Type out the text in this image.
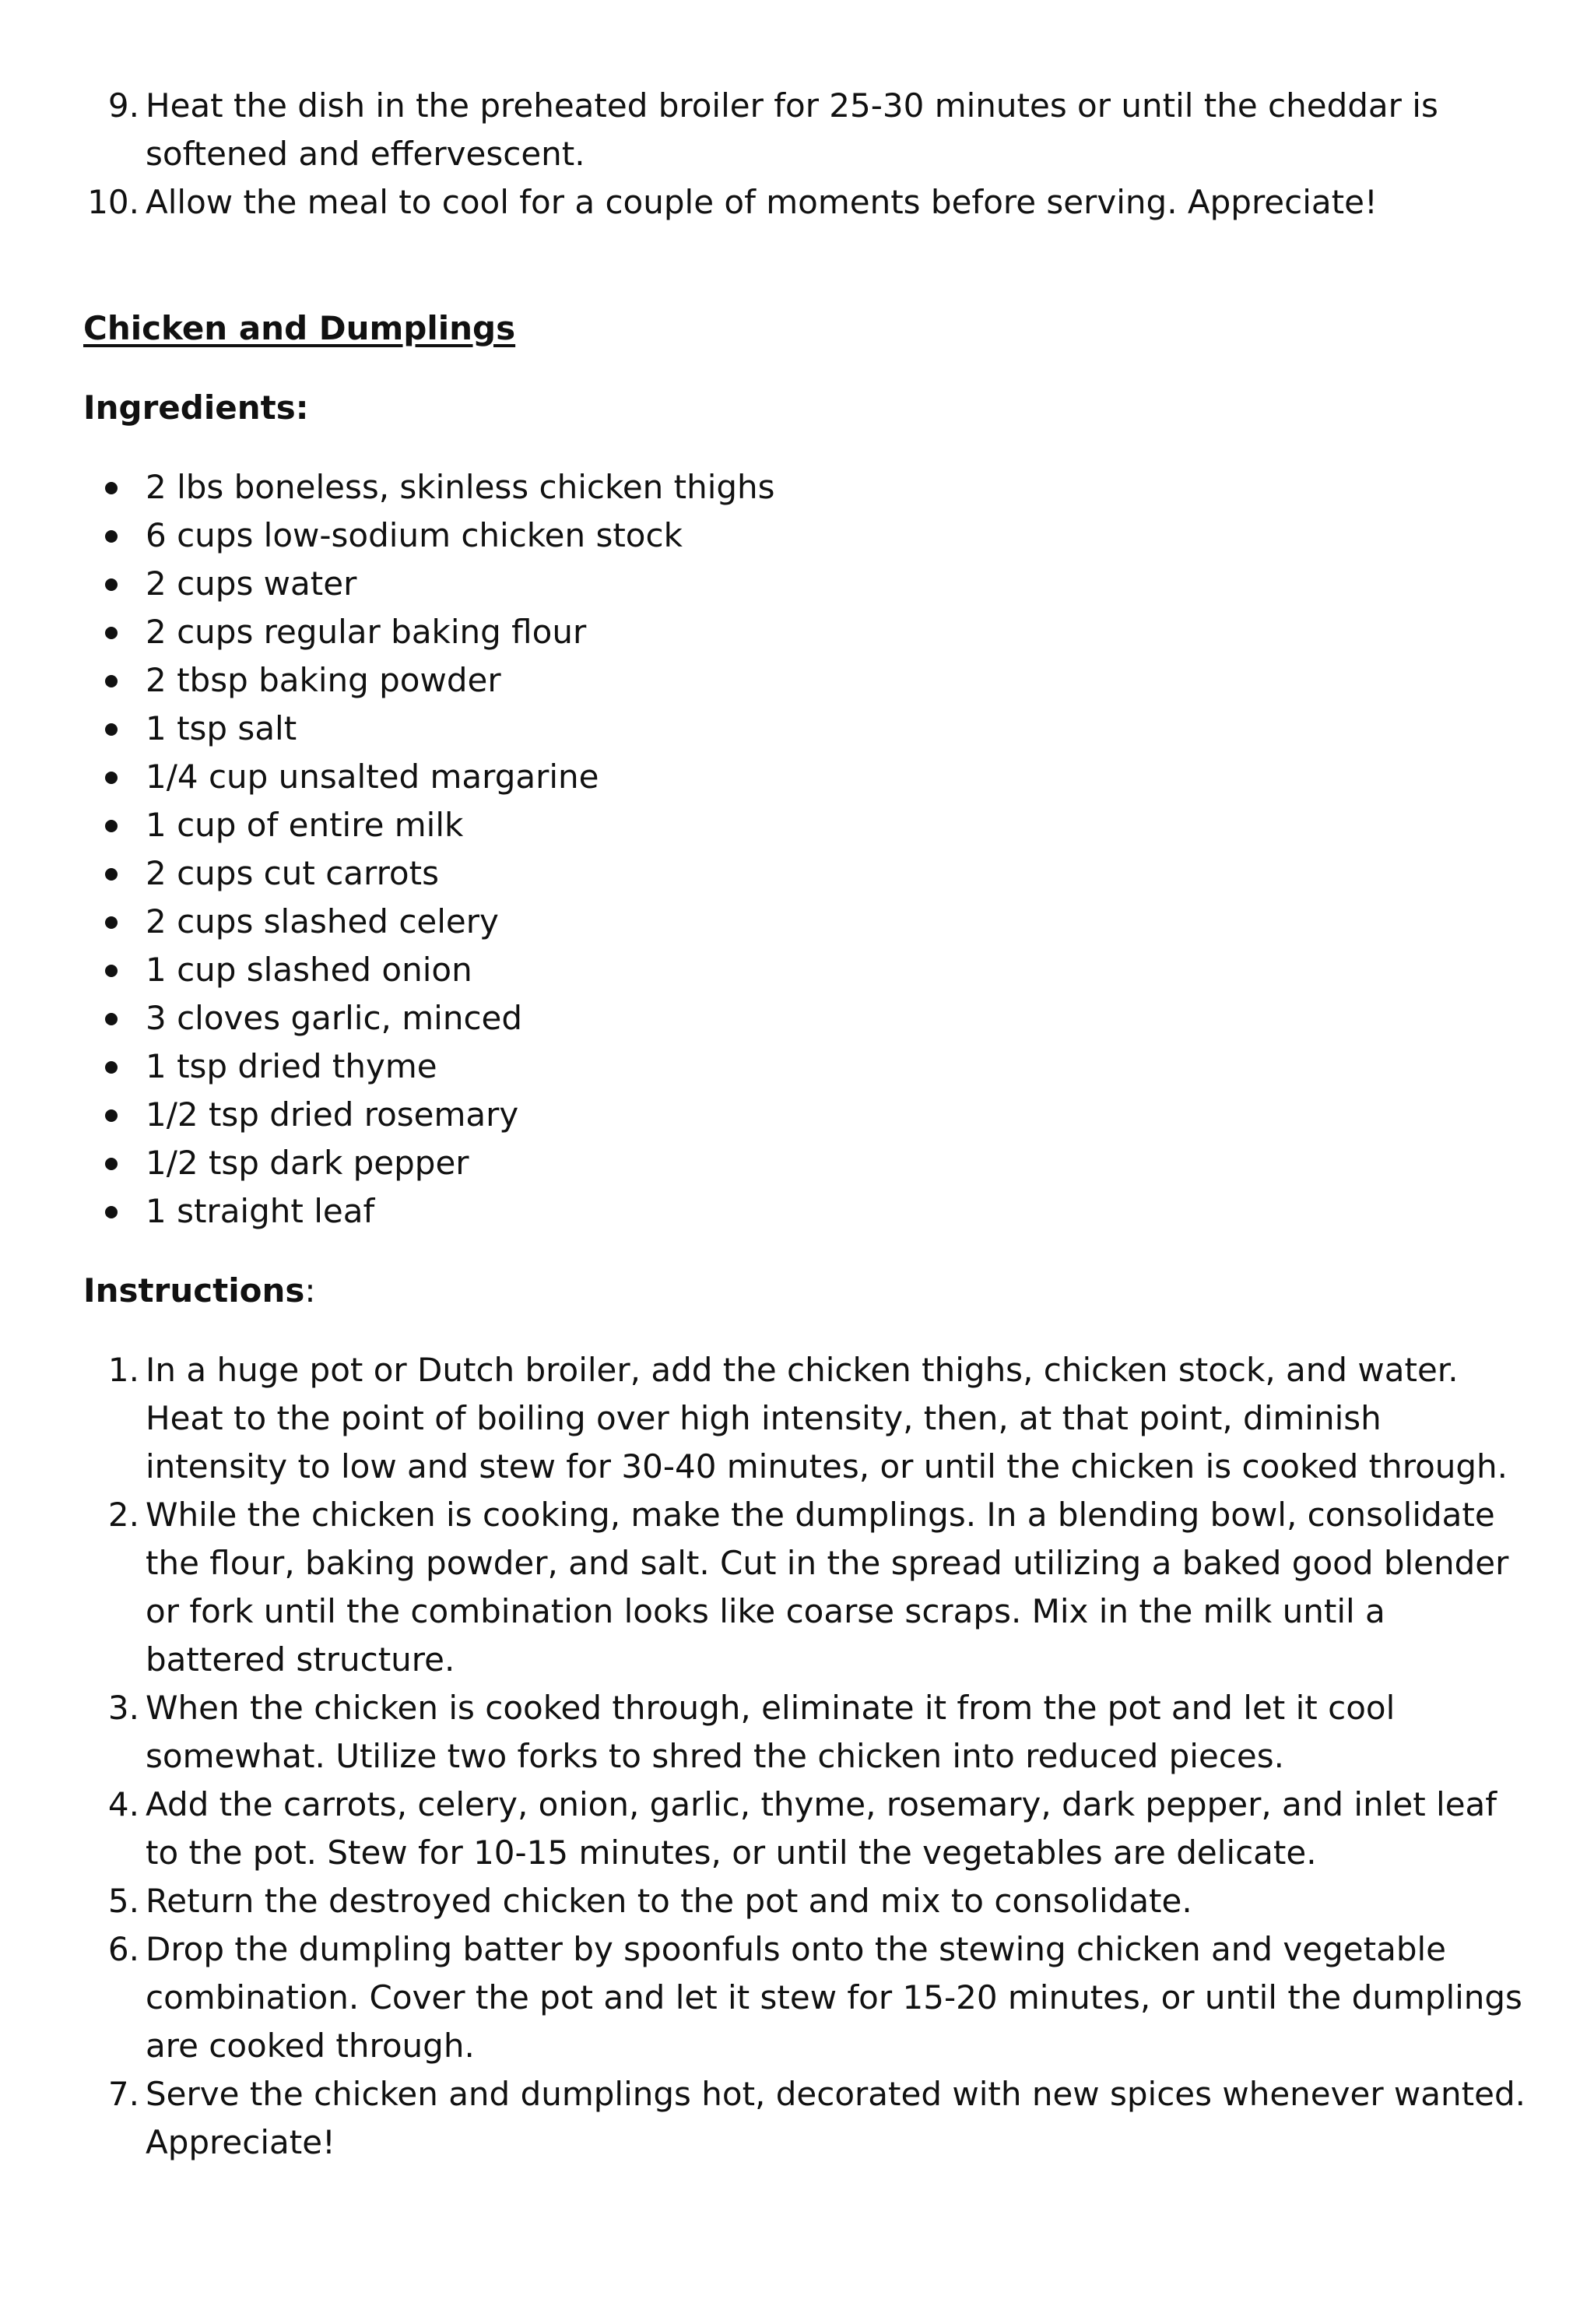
9. Heat the dish in the preheated broiler for 25-30 minutes or until the cheddar is softened and effervescent.
10. Allow the meal to cool for a couple of moments before serving. Appreciate!
Chicken and Dumplings
Ingredients:
2 lbs boneless, skinless chicken thighs
6 cups low-sodium chicken stock
2 cups water
2 cups regular baking flour
2 tbsp baking powder
1 tsp salt
1/4 cup unsalted margarine
1 cup of entire milk
2 cups cut carrots
2 cups slashed celery
1 cup slashed onion
3 cloves garlic, minced
1 tsp dried thyme
1/2 tsp dried rosemary
1/2 tsp dark pepper
1 straight leaf
Instructions:
1. In a huge pot or Dutch broiler, add the chicken thighs, chicken stock, and water. Heat to the point of boiling over high intensity, then, at that point, diminish intensity to low and stew for 30-40 minutes, or until the chicken is cooked through.
2. While the chicken is cooking, make the dumplings. In a blending bowl, consolidate the flour, baking powder, and salt. Cut in the spread utilizing a baked good blender or fork until the combination looks like coarse scraps. Mix in the milk until a battered structure.
3. When the chicken is cooked through, eliminate it from the pot and let it cool somewhat. Utilize two forks to shred the chicken into reduced pieces.
4. Add the carrots, celery, onion, garlic, thyme, rosemary, dark pepper, and inlet leaf to the pot. Stew for 10-15 minutes, or until the vegetables are delicate.
5. Return the destroyed chicken to the pot and mix to consolidate.
6. Drop the dumpling batter by spoonfuls onto the stewing chicken and vegetable combination. Cover the pot and let it stew for 15-20 minutes, or until the dumplings are cooked through.
7. Serve the chicken and dumplings hot, decorated with new spices whenever wanted. Appreciate!
